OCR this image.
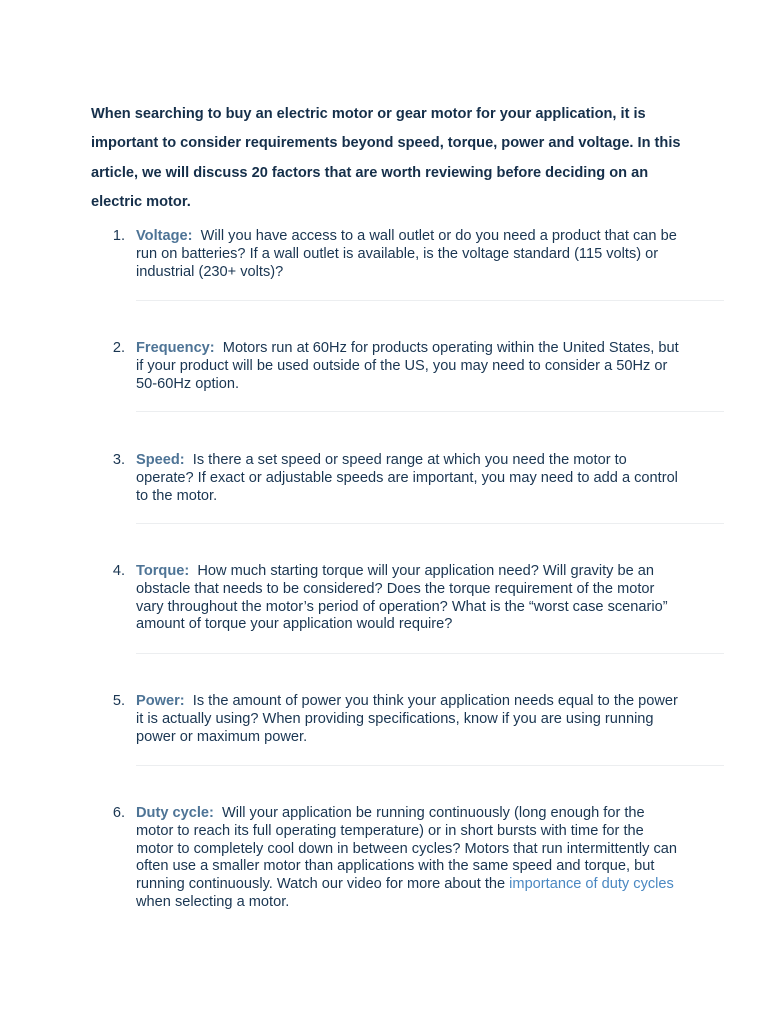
When searching to buy an electric motor or gear motor for your application, it is important to consider requirements beyond speed, torque, power and voltage. In this article, we will discuss 20 factors that are worth reviewing before deciding on an electric motor.

1. Voltage: Will you have access to a wall outlet or do you need a product that can be run on batteries? If a wall outlet is available, is the voltage standard (115 volts) or industrial (230+ volts)?
2. Frequency: Motors run at 60Hz for products operating within the United States, but if your product will be used outside of the US, you may need to consider a 50Hz or 50-60Hz option.
3. Speed: Is there a set speed or speed range at which you need the motor to operate? If exact or adjustable speeds are important, you may need to add a control to the motor.
4. Torque: How much starting torque will your application need? Will gravity be an obstacle that needs to be considered? Does the torque requirement of the motor vary throughout the motor’s period of operation? What is the “worst case scenario” amount of torque your application would require?
5. Power: Is the amount of power you think your application needs equal to the power it is actually using? When providing specifications, know if you are using running power or maximum power.
6. Duty cycle: Will your application be running continuously (long enough for the motor to reach its full operating temperature) or in short bursts with time for the motor to completely cool down in between cycles? Motors that run intermittently can often use a smaller motor than applications with the same speed and torque, but running continuously. Watch our video for more about the importance of duty cycles when selecting a motor.
